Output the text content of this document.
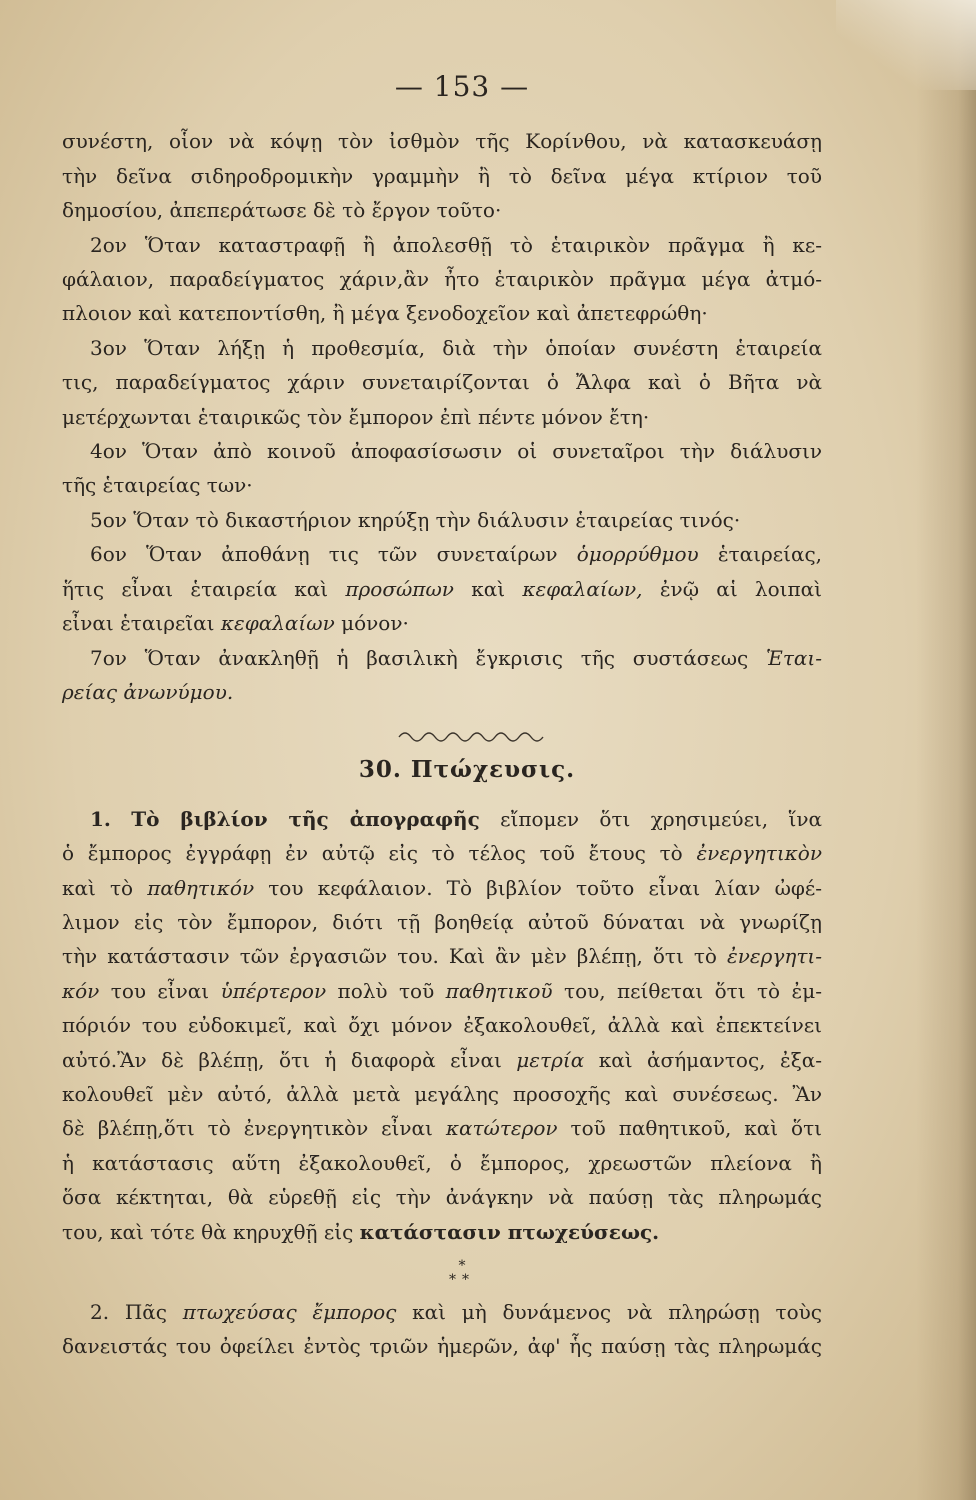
— 153 —
συνέστη, οἷον νὰ κόψῃ τὸν ἰσθμὸν τῆς Κορίνθου, νὰ κατασκευάσῃ
τὴν δεῖνα σιδηροδρομικὴν γραμμὴν ἢ τὸ δεῖνα μέγα κτίριον τοῦ
δημοσίου, ἀπεπεράτωσε δὲ τὸ ἔργον τοῦτο·
2ον Ὅταν καταστραφῇ ἢ ἀπολεσθῇ τὸ ἑταιρικὸν πρᾶγμα ἢ κε-
φάλαιον, παραδείγματος χάριν,ἂν ἦτο ἑταιρικὸν πρᾶγμα μέγα ἀτμό-
πλοιον καὶ κατεποντίσθη, ἢ μέγα ξενοδοχεῖον καὶ ἀπετεφρώθη·
3ον Ὅταν λήξῃ ἡ προθεσμία, διὰ τὴν ὁποίαν συνέστη ἑταιρεία
τις, παραδείγματος χάριν συνεταιρίζονται ὁ Ἄλφα καὶ ὁ Βῆτα νὰ
μετέρχωνται ἑταιρικῶς τὸν ἔμπορον ἐπὶ πέντε μόνον ἔτη·
4ον Ὅταν ἀπὸ κοινοῦ ἀποφασίσωσιν οἱ συνεταῖροι τὴν διάλυσιν
τῆς ἑταιρείας των·
5ον Ὅταν τὸ δικαστήριον κηρύξῃ τὴν διάλυσιν ἑταιρείας τινός·
6ον Ὅταν ἀποθάνῃ τις τῶν συνεταίρων ὁμορρύθμου ἑταιρείας,
ἥτις εἶναι ἑταιρεία καὶ προσώπων καὶ κεφαλαίων, ἐνῷ αἱ λοιπαὶ
εἶναι ἑταιρεῖαι κεφαλαίων μόνον·
7ον Ὅταν ἀνακληθῇ ἡ βασιλικὴ ἔγκρισις τῆς συστάσεως Ἑται-
ρείας ἀνωνύμου.
30. Πτώχευσις.
1. Τὸ βιβλίον τῆς ἀπογραφῆς εἴπομεν ὅτι χρησιμεύει, ἵνα
ὁ ἔμπορος ἐγγράφῃ ἐν αὐτῷ εἰς τὸ τέλος τοῦ ἔτους τὸ ἐνεργητικὸν
καὶ τὸ παθητικόν του κεφάλαιον. Τὸ βιβλίον τοῦτο εἶναι λίαν ὠφέ-
λιμον εἰς τὸν ἔμπορον, διότι τῇ βοηθείᾳ αὐτοῦ δύναται νὰ γνωρίζῃ
τὴν κατάστασιν τῶν ἐργασιῶν του. Καὶ ἂν μὲν βλέπῃ, ὅτι τὸ ἐνεργητι-
κόν του εἶναι ὑπέρτερον πολὺ τοῦ παθητικοῦ του, πείθεται ὅτι τὸ ἐμ-
πόριόν του εὐδοκιμεῖ, καὶ ὄχι μόνον ἐξακολουθεῖ, ἀλλὰ καὶ ἐπεκτείνει
αὐτό.Ἂν δὲ βλέπῃ, ὅτι ἡ διαφορὰ εἶναι μετρία καὶ ἀσήμαντος, ἐξα-
κολουθεῖ μὲν αὐτό, ἀλλὰ μετὰ μεγάλης προσοχῆς καὶ συνέσεως. Ἂν
δὲ βλέπῃ,ὅτι τὸ ἐνεργητικὸν εἶναι κατώτερον τοῦ παθητικοῦ, καὶ ὅτι
ἡ κατάστασις αὕτη ἐξακολουθεῖ, ὁ ἔμπορος, χρεωστῶν πλείονα ἢ
ὅσα κέκτηται, θὰ εὑρεθῇ εἰς τὴν ἀνάγκην νὰ παύσῃ τὰς πληρωμάς
του, καὶ τότε θὰ κηρυχθῇ εἰς κατάστασιν πτωχεύσεως.
*
**
2. Πᾶς πτωχεύσας ἔμπορος καὶ μὴ δυνάμενος νὰ πληρώσῃ τοὺς
δανειστάς του ὀφείλει ἐντὸς τριῶν ἡμερῶν, ἀφ' ἧς παύσῃ τὰς πληρωμάς
